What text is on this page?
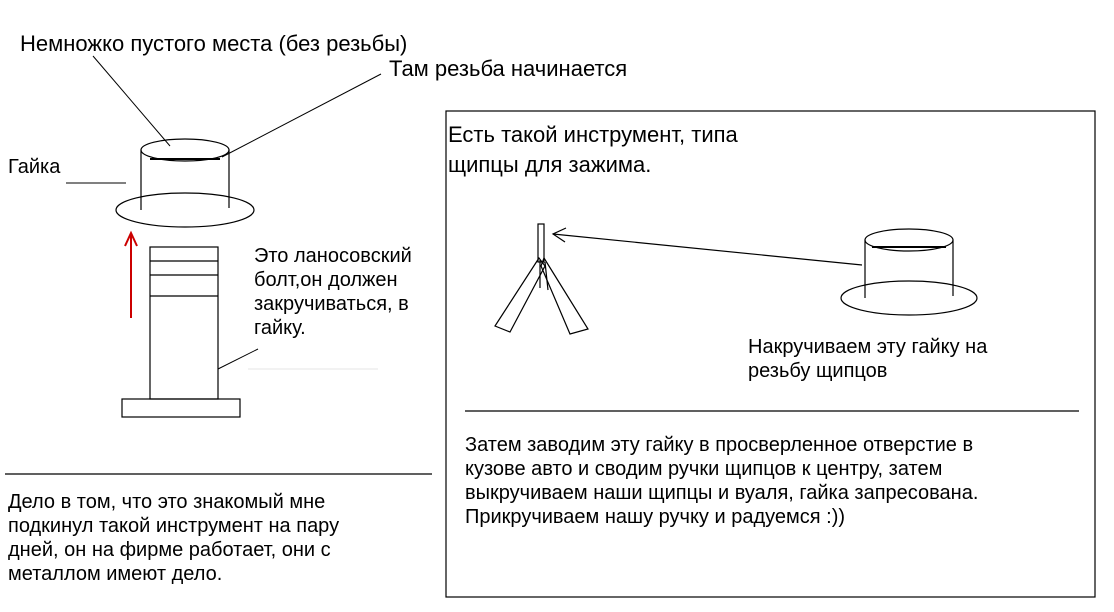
Немножко пустого места (без резьбы)
Там резьба начинается
Гайка
Это ланосовский
болт,он должен
закручиваться, в
гайку.
Есть такой инструмент, типа
щипцы для зажима.
Накручиваем эту гайку на
резьбу щипцов
Затем заводим эту гайку в просверленное отверстие в
кузове авто и сводим ручки щипцов к центру, затем
выкручиваем наши щипцы и вуаля, гайка запресована.
Прикручиваем нашу ручку и радуемся :))
Дело в том, что это знакомый мне
подкинул такой инструмент на пару
дней, он на фирме работает, они с
металлом имеют дело.
